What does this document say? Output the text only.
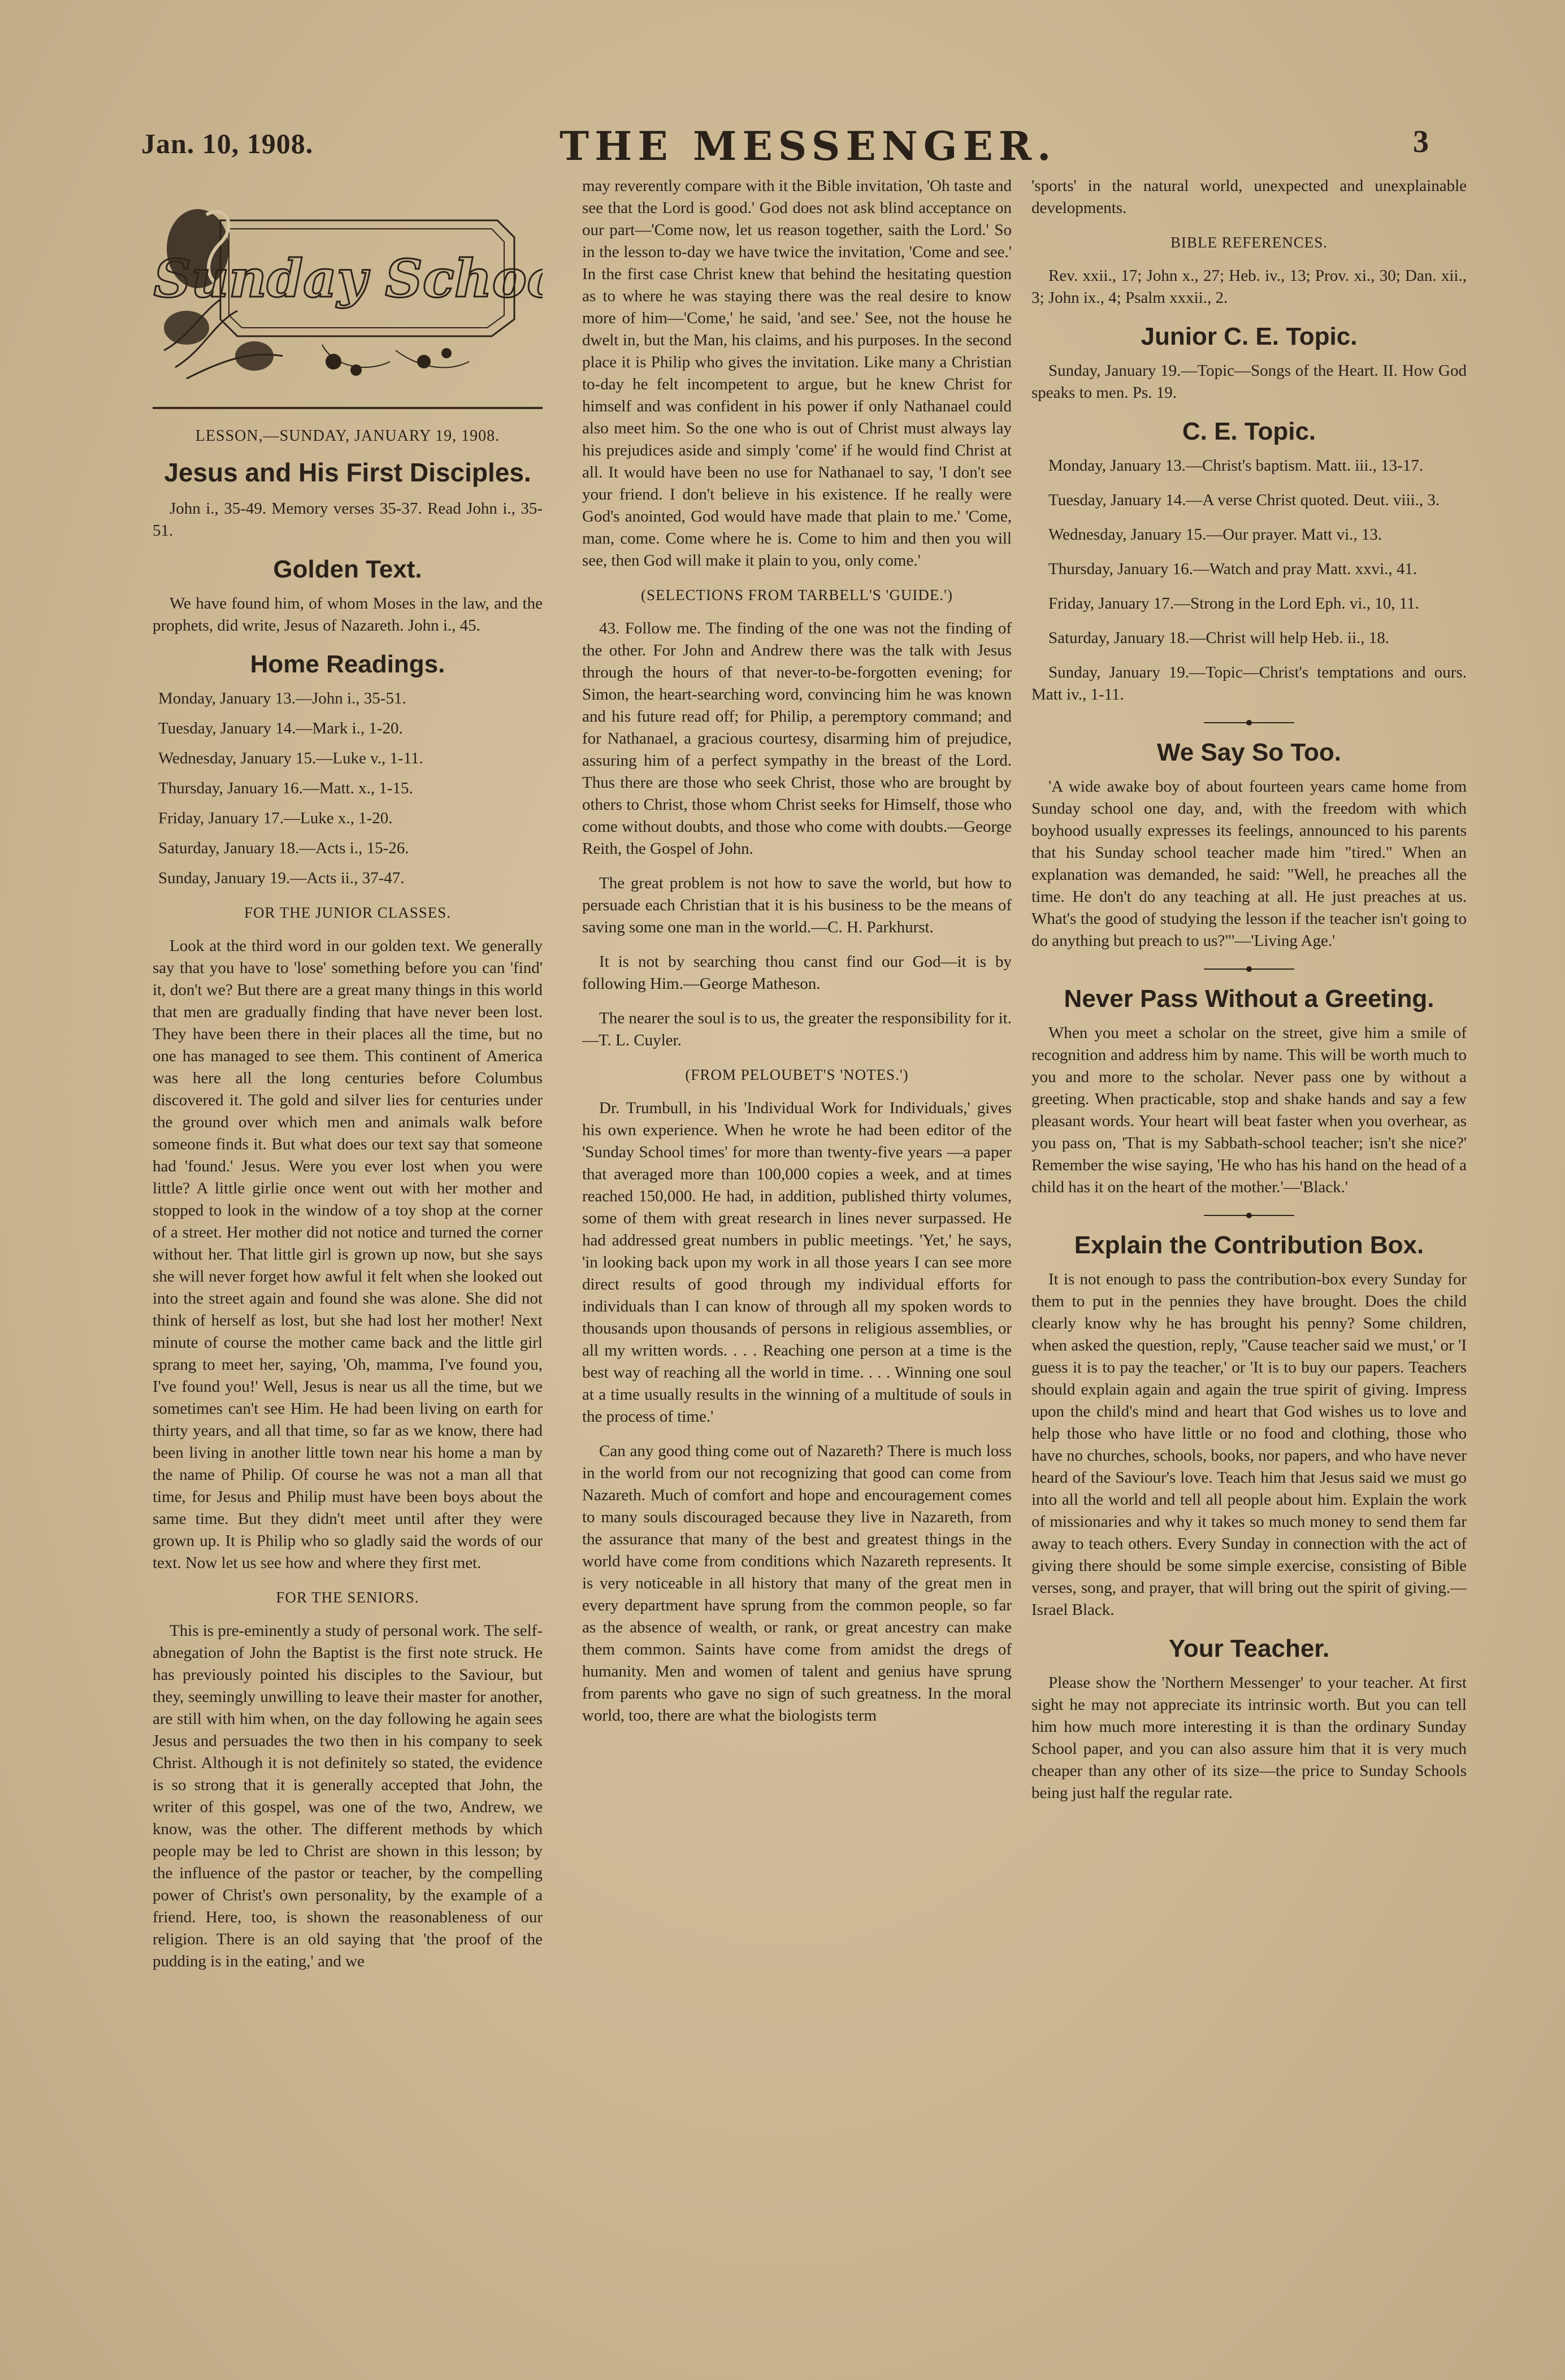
Jan. 10, 1908.	THE MESSENGER.	3
Sunday School
LESSON,—SUNDAY, JANUARY 19, 1908.
Jesus and His First Disciples.

John i., 35-49. Memory verses 35-37. Read John i., 35-51.

Golden Text.

We have found him, of whom Moses in the law, and the prophets, did write, Jesus of Nazareth. John i., 45.

Home Readings.
Monday, January 13.—John i., 35-51.
Tuesday, January 14.—Mark i., 1-20.
Wednesday, January 15.—Luke v., 1-11.
Thursday, January 16.—Matt. x., 1-15.
Friday, January 17.—Luke x., 1-20.
Saturday, January 18.—Acts i., 15-26.
Sunday, January 19.—Acts ii., 37-47.
FOR THE JUNIOR CLASSES.

Look at the third word in our golden text. We generally say that you have to 'lose' something before you can 'find' it, don't we? But there are a great many things in this world that men are gradually finding that have never been lost. They have been there in their places all the time, but no one has managed to see them. This continent of America was here all the long centuries before Columbus discovered it. The gold and silver lies for centuries under the ground over which men and animals walk before someone finds it. But what does our text say that someone had 'found.' Jesus. Were you ever lost when you were little? A little girlie once went out with her mother and stopped to look in the window of a toy shop at the corner of a street. Her mother did not notice and turned the corner without her. That little girl is grown up now, but she says she will never forget how awful it felt when she looked out into the street again and found she was alone. She did not think of herself as lost, but she had lost her mother! Next minute of course the mother came back and the little girl sprang to meet her, saying, 'Oh, mamma, I've found you, I've found you!' Well, Jesus is near us all the time, but we sometimes can't see Him. He had been living on earth for thirty years, and all that time, so far as we know, there had been living in another little town near his home a man by the name of Philip. Of course he was not a man all that time, for Jesus and Philip must have been boys about the same time. But they didn't meet until after they were grown up. It is Philip who so gladly said the words of our text. Now let us see how and where they first met.

FOR THE SENIORS.

This is pre-eminently a study of personal work. The self-abnegation of John the Baptist is the first note struck. He has previously pointed his disciples to the Saviour, but they, seemingly unwilling to leave their master for another, are still with him when, on the day following he again sees Jesus and persuades the two then in his company to seek Christ. Although it is not definitely so stated, the evidence is so strong that it is generally accepted that John, the writer of this gospel, was one of the two, Andrew, we know, was the other. The different methods by which people may be led to Christ are shown in this lesson; by the influence of the pastor or teacher, by the compelling power of Christ's own personality, by the example of a friend. Here, too, is shown the reasonableness of our religion. There is an old saying that 'the proof of the pudding is in the eating,' and we

may reverently compare with it the Bible invitation, 'Oh taste and see that the Lord is good.' God does not ask blind acceptance on our part—'Come now, let us reason together, saith the Lord.' So in the lesson to-day we have twice the invitation, 'Come and see.' In the first case Christ knew that behind the hesitating question as to where he was staying there was the real desire to know more of him—'Come,' he said, 'and see.' See, not the house he dwelt in, but the Man, his claims, and his purposes. In the second place it is Philip who gives the invitation. Like many a Christian to-day he felt incompetent to argue, but he knew Christ for himself and was confident in his power if only Nathanael could also meet him. So the one who is out of Christ must always lay his prejudices aside and simply 'come' if he would find Christ at all. It would have been no use for Nathanael to say, 'I don't see your friend. I don't believe in his existence. If he really were God's anointed, God would have made that plain to me.' 'Come, man, come. Come where he is. Come to him and then you will see, then God will make it plain to you, only come.'

(SELECTIONS FROM TARBELL'S 'GUIDE.')

43. Follow me. The finding of the one was not the finding of the other. For John and Andrew there was the talk with Jesus through the hours of that never-to-be-forgotten evening; for Simon, the heart-searching word, convincing him he was known and his future read off; for Philip, a peremptory command; and for Nathanael, a gracious courtesy, disarming him of prejudice, assuring him of a perfect sympathy in the breast of the Lord. Thus there are those who seek Christ, those who are brought by others to Christ, those whom Christ seeks for Himself, those who come without doubts, and those who come with doubts.—George Reith, the Gospel of John.

The great problem is not how to save the world, but how to persuade each Christian that it is his business to be the means of saving some one man in the world.—C. H. Parkhurst.

It is not by searching thou canst find our God—it is by following Him.—George Matheson.

The nearer the soul is to us, the greater the responsibility for it.—T. L. Cuyler.

(FROM PELOUBET'S 'NOTES.')

Dr. Trumbull, in his 'Individual Work for Individuals,' gives his own experience. When he wrote he had been editor of the 'Sunday School times' for more than twenty-five years —a paper that averaged more than 100,000 copies a week, and at times reached 150,000. He had, in addition, published thirty volumes, some of them with great research in lines never surpassed. He had addressed great numbers in public meetings. 'Yet,' he says, 'in looking back upon my work in all those years I can see more direct results of good through my individual efforts for individuals than I can know of through all my spoken words to thousands upon thousands of persons in religious assemblies, or all my written words. . . . Reaching one person at a time is the best way of reaching all the world in time. . . . Winning one soul at a time usually results in the winning of a multitude of souls in the process of time.'

Can any good thing come out of Nazareth? There is much loss in the world from our not recognizing that good can come from Nazareth. Much of comfort and hope and encouragement comes to many souls discouraged because they live in Nazareth, from the assurance that many of the best and greatest things in the world have come from conditions which Nazareth represents. It is very noticeable in all history that many of the great men in every department have sprung from the common people, so far as the absence of wealth, or rank, or great ancestry can make them common. Saints have come from amidst the dregs of humanity. Men and women of talent and genius have sprung from parents who gave no sign of such greatness. In the moral world, too, there are what the biologists term

'sports' in the natural world, unexpected and unexplainable developments.

BIBLE REFERENCES.

Rev. xxii., 17; John x., 27; Heb. iv., 13; Prov. xi., 30; Dan. xii., 3; John ix., 4; Psalm xxxii., 2.

Junior C. E. Topic.

Sunday, January 19.—Topic—Songs of the Heart. II. How God speaks to men. Ps. 19.

C. E. Topic.

Monday, January 13.—Christ's baptism. Matt. iii., 13-17.

Tuesday, January 14.—A verse Christ quoted. Deut. viii., 3.

Wednesday, January 15.—Our prayer. Matt vi., 13.

Thursday, January 16.—Watch and pray Matt. xxvi., 41.

Friday, January 17.—Strong in the Lord Eph. vi., 10, 11.

Saturday, January 18.—Christ will help Heb. ii., 18.

Sunday, January 19.—Topic—Christ's temptations and ours. Matt iv., 1-11.

We Say So Too.

'A wide awake boy of about fourteen years came home from Sunday school one day, and, with the freedom with which boyhood usually expresses its feelings, announced to his parents that his Sunday school teacher made him "tired." When an explanation was demanded, he said: "Well, he preaches all the time. He don't do any teaching at all. He just preaches at us. What's the good of studying the lesson if the teacher isn't going to do anything but preach to us?"'—'Living Age.'

Never Pass Without a Greeting.

When you meet a scholar on the street, give him a smile of recognition and address him by name. This will be worth much to you and more to the scholar. Never pass one by without a greeting. When practicable, stop and shake hands and say a few pleasant words. Your heart will beat faster when you overhear, as you pass on, 'That is my Sabbath-school teacher; isn't she nice?' Remember the wise saying, 'He who has his hand on the head of a child has it on the heart of the mother.'—'Black.'

Explain the Contribution Box.

It is not enough to pass the contribution-box every Sunday for them to put in the pennies they have brought. Does the child clearly know why he has brought his penny? Some children, when asked the question, reply, ''Cause teacher said we must,' or 'I guess it is to pay the teacher,' or 'It is to buy our papers. Teachers should explain again and again the true spirit of giving. Impress upon the child's mind and heart that God wishes us to love and help those who have little or no food and clothing, those who have no churches, schools, books, nor papers, and who have never heard of the Saviour's love. Teach him that Jesus said we must go into all the world and tell all people about him. Explain the work of missionaries and why it takes so much money to send them far away to teach others. Every Sunday in connection with the act of giving there should be some simple exercise, consisting of Bible verses, song, and prayer, that will bring out the spirit of giving.—Israel Black.

Your Teacher.

Please show the 'Northern Messenger' to your teacher. At first sight he may not appreciate its intrinsic worth. But you can tell him how much more interesting it is than the ordinary Sunday School paper, and you can also assure him that it is very much cheaper than any other of its size—the price to Sunday Schools being just half the regular rate.
